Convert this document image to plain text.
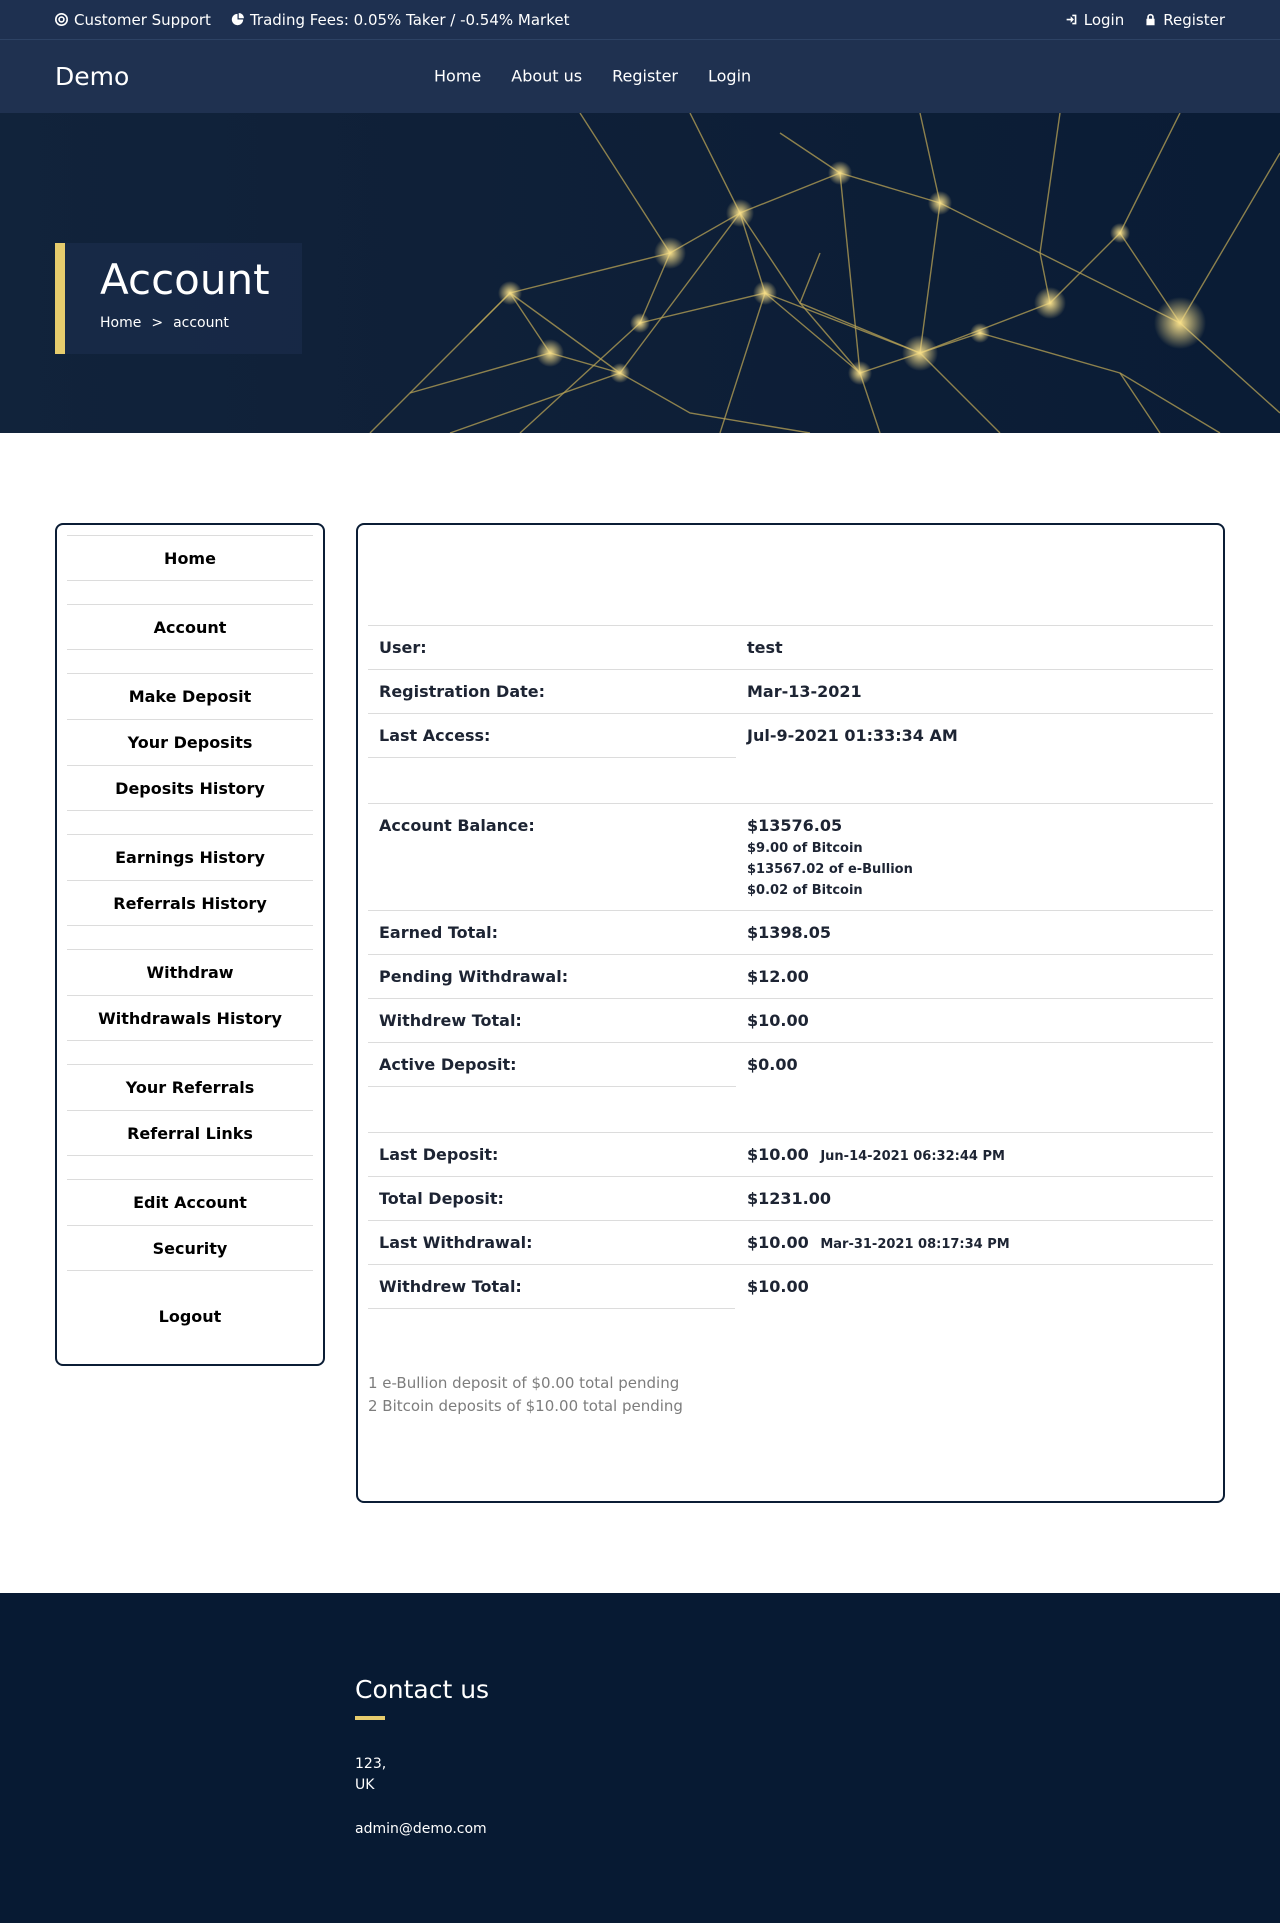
Customer Support	Trading Fees: 0.05% Taker / -0.54% Market	Login	Register
Demo	Home About us Register Login
Account
Home > account
Home
Account
Make Deposit
Your Deposits
Deposits History
Earnings History
Referrals History
Withdraw
Withdrawals History
Your Referrals
Referral Links
Edit Account
Security
Logout
User:	test
Registration Date:	Mar-13-2021
Last Access:	Jul-9-2021 01:33:34 AM

Account Balance:	$13576.05
$9.00 of Bitcoin
$13567.02 of e-Bullion
$0.02 of Bitcoin

Earned Total:	$1398.05
Pending Withdrawal:	$12.00
Withdrew Total:	$10.00
Active Deposit:	$0.00

Last Deposit:	$10.00 Jun-14-2021 06:32:44 PM
Total Deposit:	$1231.00
Last Withdrawal:	$10.00 Mar-31-2021 08:17:34 PM
Withdrew Total:	$10.00
1 e-Bullion deposit of $0.00 total pending
2 Bitcoin deposits of $10.00 total pending
Contact us

123,

UK

admin@demo.com
